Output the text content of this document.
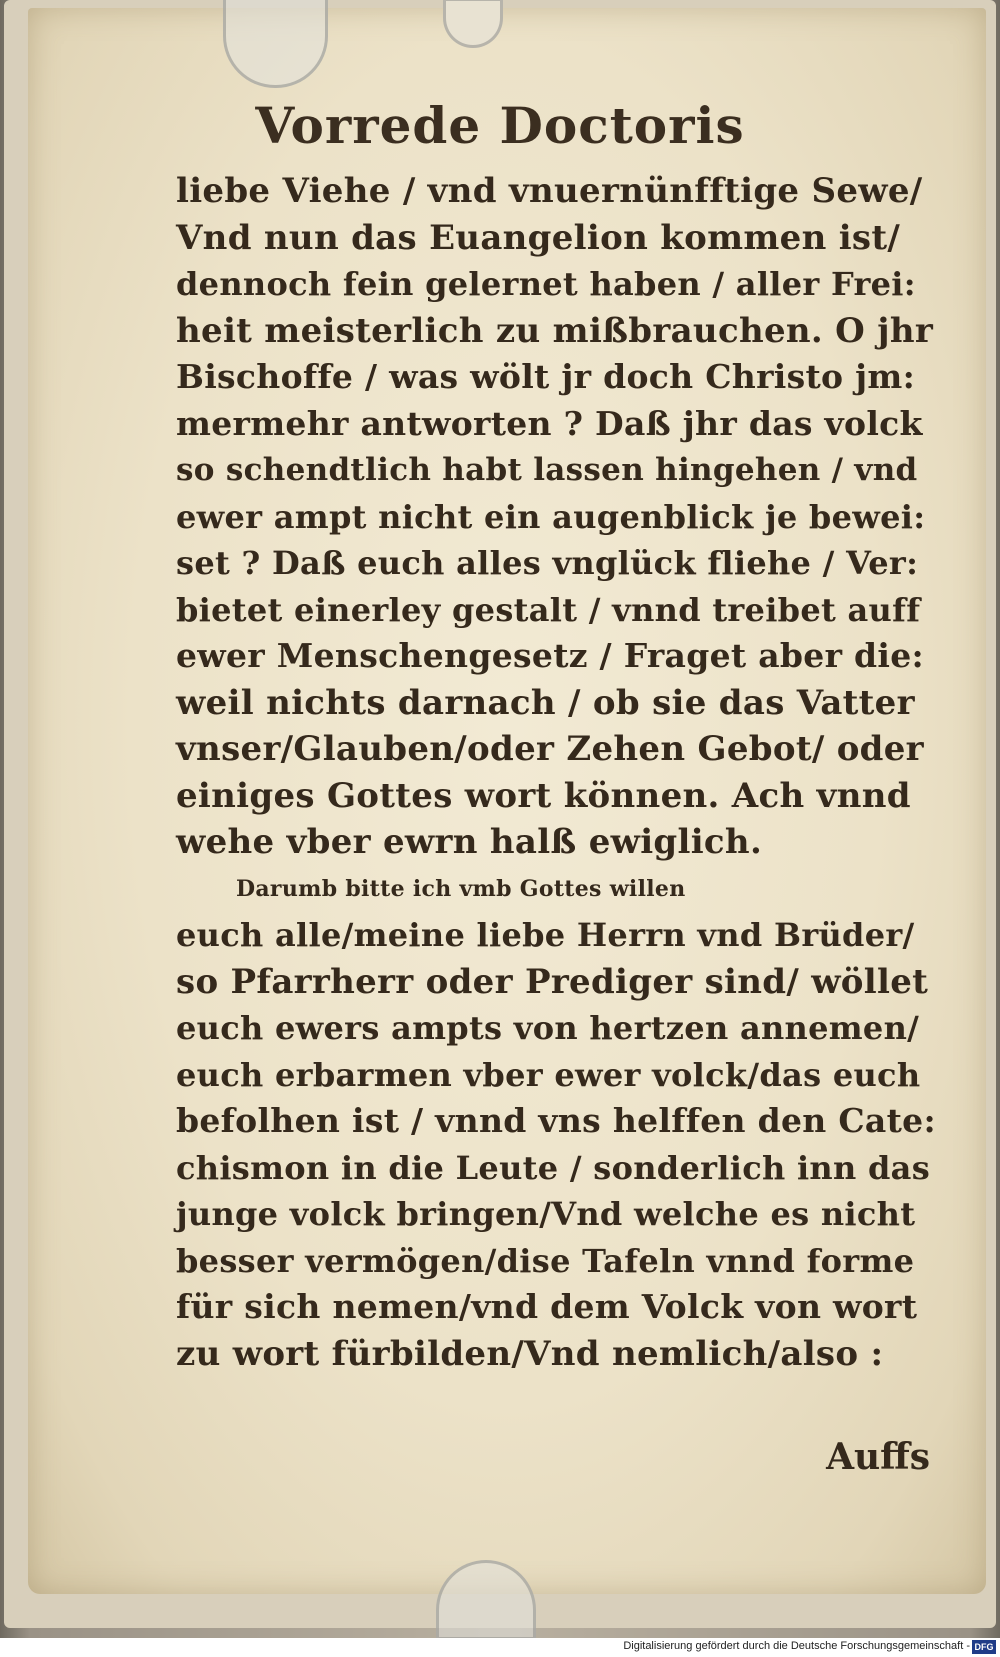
Vorrede Doctoris
liebe Viehe / vnd vnuernünfftige Sewe/
Vnd nun das Euangelion kommen ist/
dennoch fein gelernet haben / aller Frei:
heit meisterlich zu mißbrauchen. O jhr
Bischoffe / was wölt jr doch Christo jm:
mermehr antworten ? Daß jhr das volck
so schendtlich habt lassen hingehen / vnd
ewer ampt nicht ein augenblick je bewei:
set ? Daß euch alles vnglück fliehe / Ver:
bietet einerley gestalt / vnnd treibet auff
ewer Menschengesetz / Fraget aber die:
weil nichts darnach / ob sie das Vatter
vnser/Glauben/oder Zehen Gebot/ oder
einiges Gottes wort können. Ach vnnd
wehe vber ewrn halß ewiglich.
Darumb bitte ich vmb Gottes willen
euch alle/meine liebe Herrn vnd Brüder/
so Pfarrherr oder Prediger sind/ wöllet
euch ewers ampts von hertzen annemen/
euch erbarmen vber ewer volck/das euch
befolhen ist / vnnd vns helffen den Cate:
chismon in die Leute / sonderlich inn das
junge volck bringen/Vnd welche es nicht
besser vermögen/dise Tafeln vnnd forme
für sich nemen/vnd dem Volck von wort
zu wort fürbilden/Vnd nemlich/also :
Auffs
Digitalisierung gefördert durch die Deutsche Forschungsgemeinschaft - DFG
